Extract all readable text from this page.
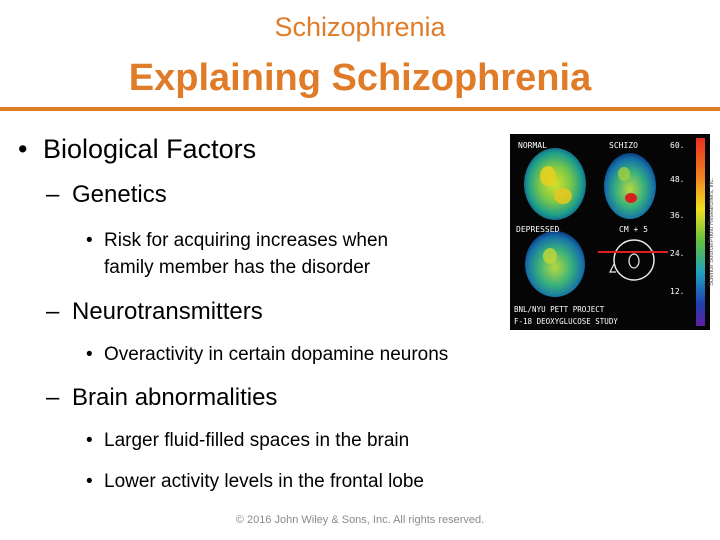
Schizophrenia
Explaining Schizophrenia
• Biological Factors
– Genetics
• Risk for acquiring increases when
family member has the disorder
– Neurotransmitters
• Overactivity in certain dopamine neurons
– Brain abnormalities
• Larger fluid-filled spaces in the brain
• Lower activity levels in the frontal lobe
NORMAL	SCHIZO
DEPRESSED	CM + 5
BNL/NYU PETT PROJECT
F-18 DEOXYGLUCOSE STUDY
60.
48.
36.
24.
12.
Science Source/Photo Researchers, Inc.
© 2016 John Wiley & Sons, Inc. All rights reserved.
